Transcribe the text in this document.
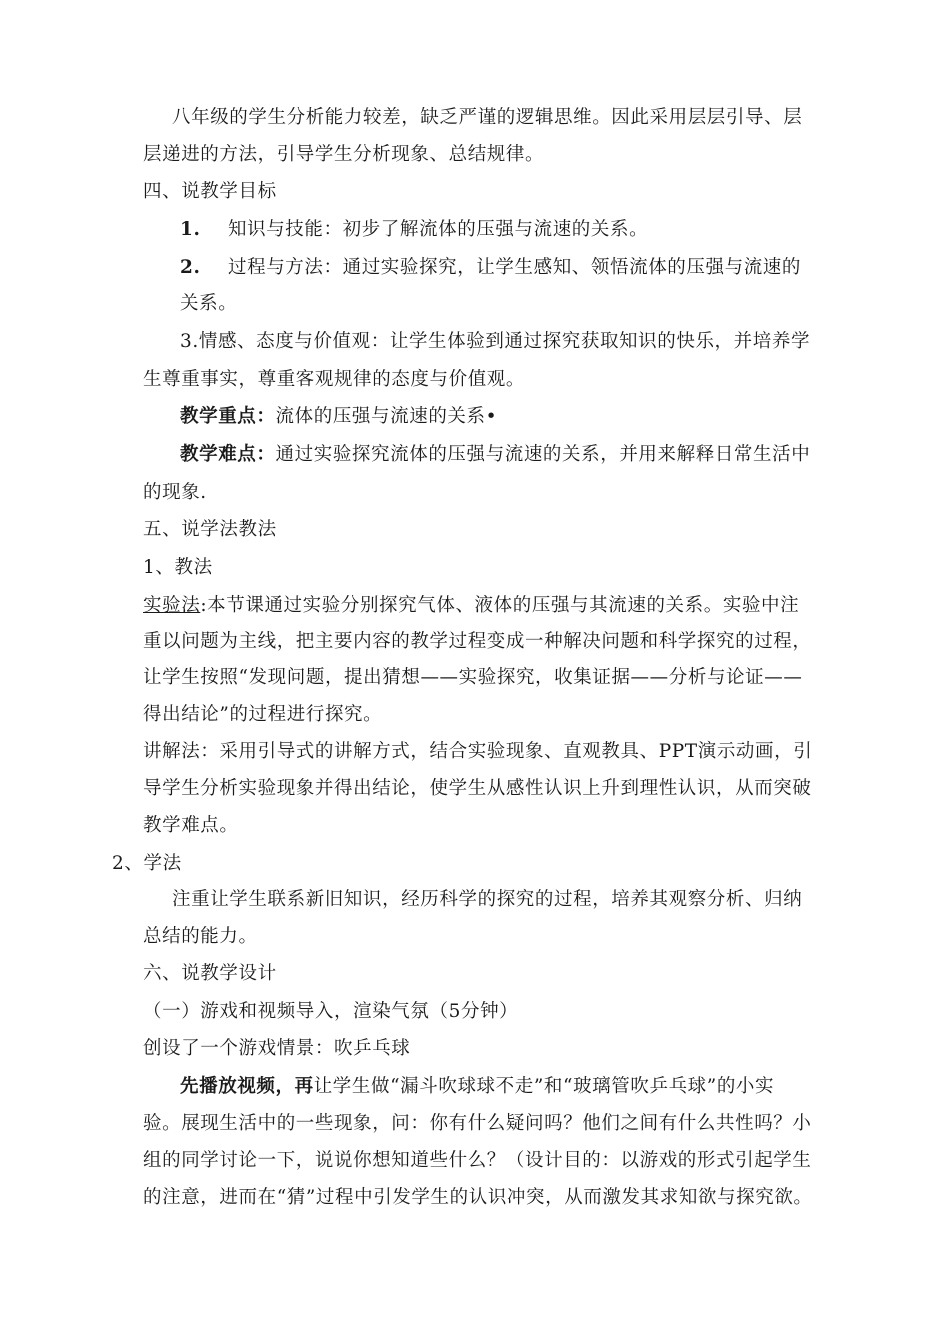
八年级的学生分析能力较差，缺乏严谨的逻辑思维。因此采用层层引导、层
层递进的方法，引导学生分析现象、总结规律。
四、说教学目标
1. 知识与技能：初步了解流体的压强与流速的关系。
2. 过程与方法：通过实验探究，让学生感知、领悟流体的压强与流速的
关系。
3.情感、态度与价值观：让学生体验到通过探究获取知识的快乐，并培养学
生尊重事实，尊重客观规律的态度与价值观。
教学重点：流体的压强与流速的关系•
教学难点：通过实验探究流体的压强与流速的关系，并用来解释日常生活中
的现象.
五、说学法教法
1、教法
实验法:本节课通过实验分别探究气体、液体的压强与其流速的关系。实验中注
重以问题为主线，把主要内容的教学过程变成一种解决问题和科学探究的过程，
让学生按照“发现问题，提出猜想——实验探究，收集证据——分析与论证——
得出结论”的过程进行探究。
讲解法：采用引导式的讲解方式，结合实验现象、直观教具、PPT演示动画，引
导学生分析实验现象并得出结论，使学生从感性认识上升到理性认识，从而突破
教学难点。
2、学法
注重让学生联系新旧知识，经历科学的探究的过程，培养其观察分析、归纳
总结的能力。
六、说教学设计
（一）游戏和视频导入，渲染气氛（5分钟）
创设了一个游戏情景：吹乒乓球
先播放视频，再让学生做“漏斗吹球球不走”和“玻璃管吹乒乓球”的小实
验。展现生活中的一些现象，问：你有什么疑问吗？他们之间有什么共性吗？小
组的同学讨论一下，说说你想知道些什么？（设计目的：以游戏的形式引起学生
的注意，进而在“猜”过程中引发学生的认识冲突，从而激发其求知欲与探究欲。
